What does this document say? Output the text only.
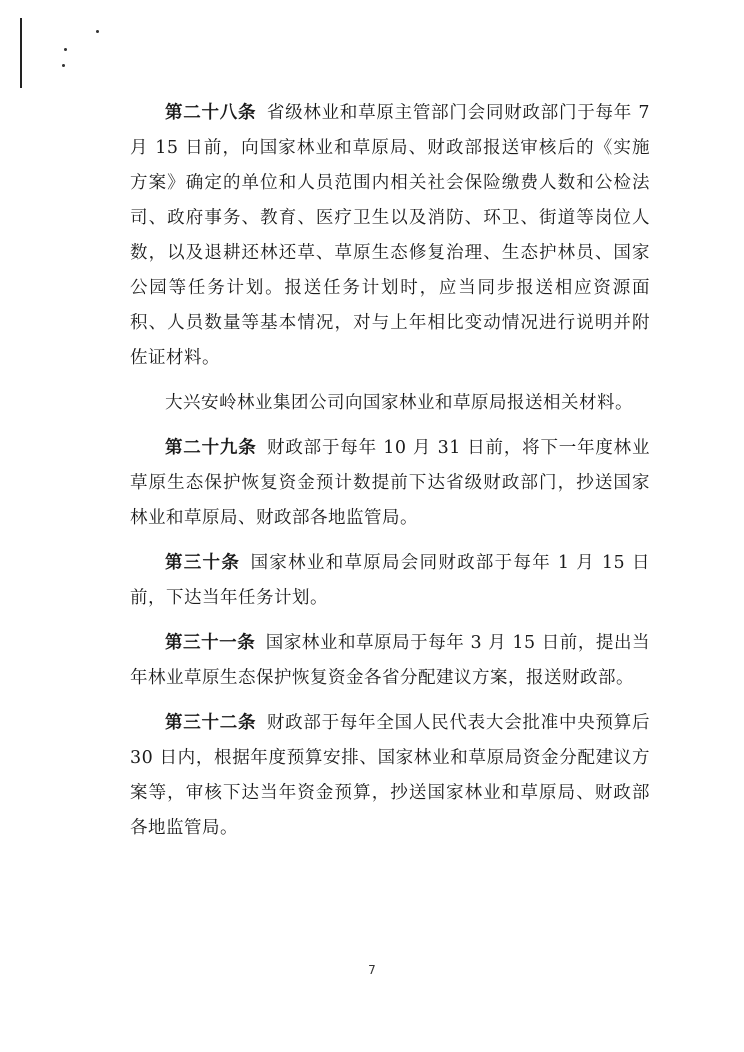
第二十八条 省级林业和草原主管部门会同财政部门于每年 7 月 15 日前，向国家林业和草原局、财政部报送审核后的《实施方案》确定的单位和人员范围内相关社会保险缴费人数和公检法司、政府事务、教育、医疗卫生以及消防、环卫、街道等岗位人数，以及退耕还林还草、草原生态修复治理、生态护林员、国家公园等任务计划。报送任务计划时，应当同步报送相应资源面积、人员数量等基本情况，对与上年相比变动情况进行说明并附佐证材料。

大兴安岭林业集团公司向国家林业和草原局报送相关材料。

第二十九条 财政部于每年 10 月 31 日前，将下一年度林业草原生态保护恢复资金预计数提前下达省级财政部门，抄送国家林业和草原局、财政部各地监管局。

第三十条 国家林业和草原局会同财政部于每年 1 月 15 日前，下达当年任务计划。

第三十一条 国家林业和草原局于每年 3 月 15 日前，提出当年林业草原生态保护恢复资金各省分配建议方案，报送财政部。

第三十二条 财政部于每年全国人民代表大会批准中央预算后 30 日内，根据年度预算安排、国家林业和草原局资金分配建议方案等，审核下达当年资金预算，抄送国家林业和草原局、财政部各地监管局。

7
